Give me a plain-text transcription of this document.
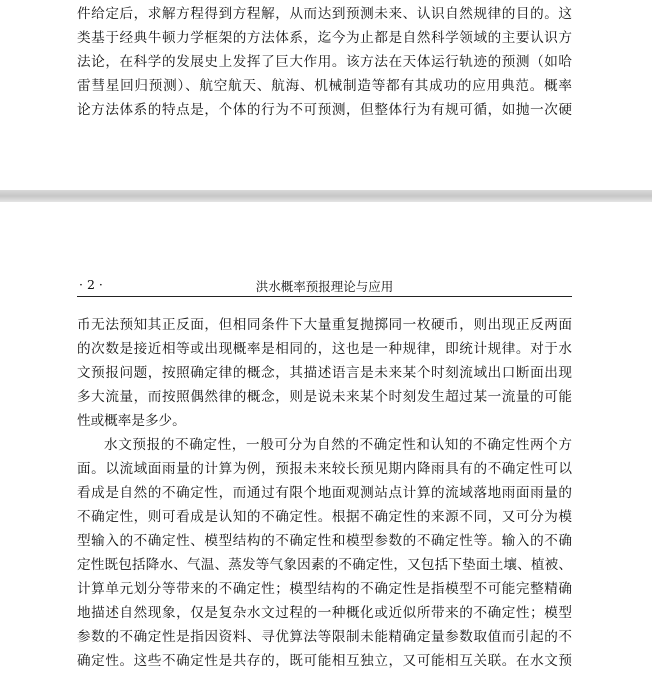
件给定后，求解方程得到方程解，从而达到预测未来、认识自然规律的目的。这
类基于经典牛顿力学框架的方法体系，迄今为止都是自然科学领域的主要认识方
法论，在科学的发展史上发挥了巨大作用。该方法在天体运行轨迹的预测（如哈
雷彗星回归预测）、航空航天、航海、机械制造等都有其成功的应用典范。概率
论方法体系的特点是，个体的行为不可预测，但整体行为有规可循，如抛一次硬
· 2 ·	洪水概率预报理论与应用
币无法预知其正反面，但相同条件下大量重复抛掷同一枚硬币，则出现正反两面
的次数是接近相等或出现概率是相同的，这也是一种规律，即统计规律。对于水
文预报问题，按照确定律的概念，其描述语言是未来某个时刻流域出口断面出现
多大流量，而按照偶然律的概念，则是说未来某个时刻发生超过某一流量的可能
性或概率是多少。
水文预报的不确定性，一般可分为自然的不确定性和认知的不确定性两个方
面。以流域面雨量的计算为例，预报未来较长预见期内降雨具有的不确定性可以
看成是自然的不确定性，而通过有限个地面观测站点计算的流域落地雨面雨量的
不确定性，则可看成是认知的不确定性。根据不确定性的来源不同，又可分为模
型输入的不确定性、模型结构的不确定性和模型参数的不确定性等。输入的不确
定性既包括降水、气温、蒸发等气象因素的不确定性，又包括下垫面土壤、植被、
计算单元划分等带来的不确定性；模型结构的不确定性是指模型不可能完整精确
地描述自然现象，仅是复杂水文过程的一种概化或近似所带来的不确定性；模型
参数的不确定性是指因资料、寻优算法等限制未能精确定量参数取值而引起的不
确定性。这些不确定性是共存的，既可能相互独立，又可能相互关联。在水文预
